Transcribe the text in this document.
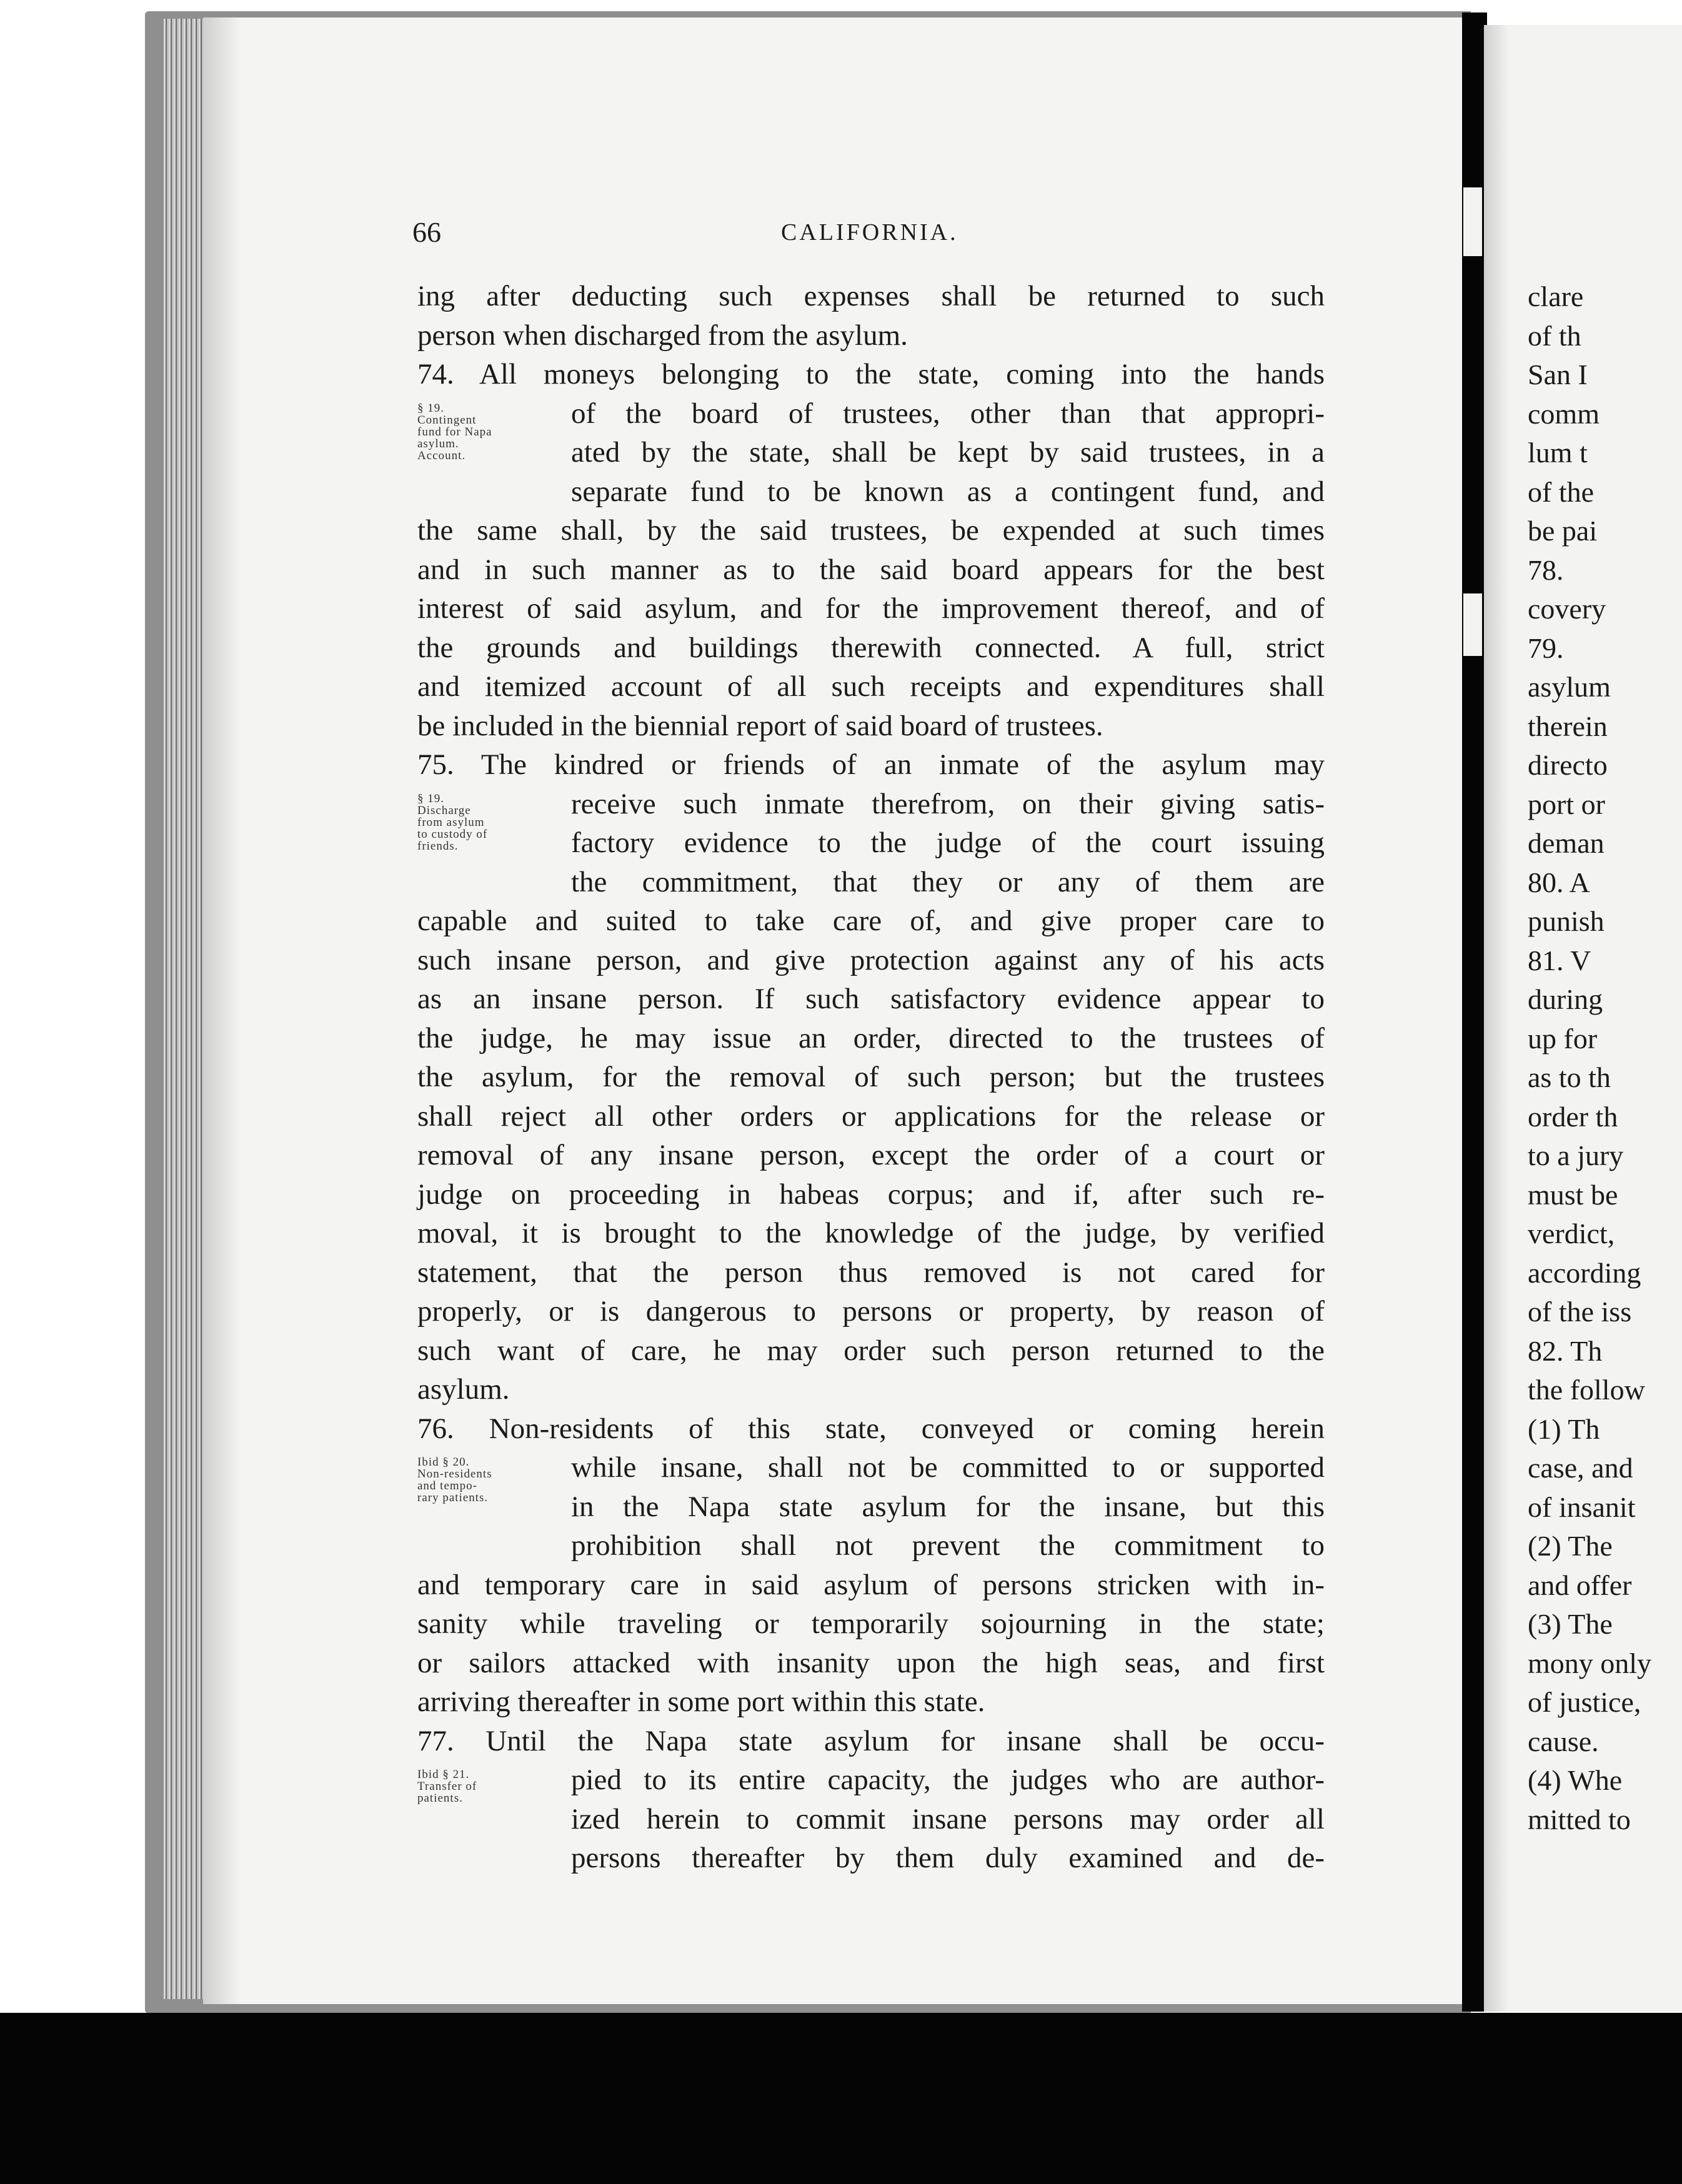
66	CALIFORNIA.
ing after deducting such expenses shall be returned to such
person when discharged from the asylum.
74. All moneys belonging to the state, coming into the hands
of the board of trustees, other than that appropri-
ated by the state, shall be kept by said trustees, in a
separate fund to be known as a contingent fund, and
the same shall, by the said trustees, be expended at such times
and in such manner as to the said board appears for the best
interest of said asylum, and for the improvement thereof, and of
the grounds and buildings therewith connected. A full, strict
and itemized account of all such receipts and expenditures shall
be included in the biennial report of said board of trustees.
75. The kindred or friends of an inmate of the asylum may
receive such inmate therefrom, on their giving satis-
factory evidence to the judge of the court issuing
the commitment, that they or any of them are
capable and suited to take care of, and give proper care to
such insane person, and give protection against any of his acts
as an insane person. If such satisfactory evidence appear to
the judge, he may issue an order, directed to the trustees of
the asylum, for the removal of such person; but the trustees
shall reject all other orders or applications for the release or
removal of any insane person, except the order of a court or
judge on proceeding in habeas corpus; and if, after such re-
moval, it is brought to the knowledge of the judge, by verified
statement, that the person thus removed is not cared for
properly, or is dangerous to persons or property, by reason of
such want of care, he may order such person returned to the
asylum.
76. Non-residents of this state, conveyed or coming herein
while insane, shall not be committed to or supported
in the Napa state asylum for the insane, but this
prohibition shall not prevent the commitment to
and temporary care in said asylum of persons stricken with in-
sanity while traveling or temporarily sojourning in the state;
or sailors attacked with insanity upon the high seas, and first
arriving thereafter in some port within this state.
77. Until the Napa state asylum for insane shall be occu-
pied to its entire capacity, the judges who are author-
ized herein to commit insane persons may order all
persons thereafter by them duly examined and de-
§ 19.
Contingent
fund for Napa
asylum.
Account.
§ 19.
Discharge
from asylum
to custody of
friends.
Ibid § 20.
Non-residents
and tempo-
rary patients.
Ibid § 21.
Transfer of
patients.
clare
of th
San I
comm
lum t
of the
be pai
78.
covery
79.
asylum
therein
directo
port or
deman
80. A
punish
81. V
during
up for
as to th
order th
to a jury
must be
verdict,
according
of the iss
82. Th
the follow
(1) Th
case, and
of insanit
(2) The
and offer
(3) The
mony only
of justice,
cause.
(4) Whe
mitted to
